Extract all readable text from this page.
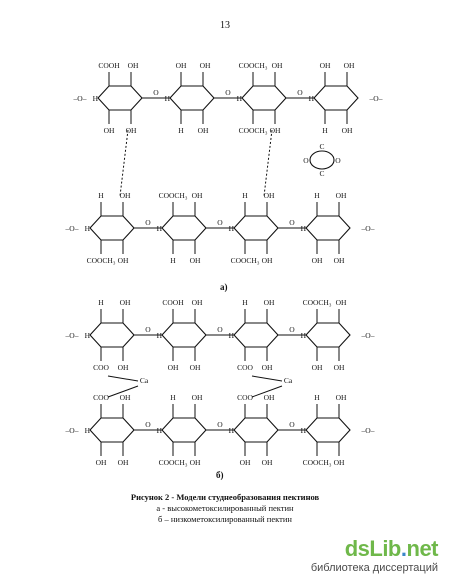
13
–O–	–O–
COOH OH
OH OH
H
O
OH OH
H OH
H
O
COOCH₃ OH
COOCH₃ OH
H
O
OH OH
H OH
H
–O–	–O–
H OH
COOCH₃ OH
H
O
COOCH₃ OH
H OH
H
O
H OH
COOCH₃ OH
H
O
H OH
OH OH
H
C
C
O	O
–O–	–O–
H OH
COO OH
H
O
COOH OH
OH OH
H
O
H OH
COO OH
H
O
COOCH₃ OH
OH OH
H
–O–	–O–
COO OH
OH OH
H
O
H OH
COOCH₃ OH
H
O
COO OH
OH OH
H
O
H OH
COOCH₃ OH
H
Ca	Ca
а)
б)
Рисунок 2 - Модели студнеобразования пектинов
а - высокометоксилированный пектин
б – низкометоксилированный пектин
dsLib.net
библиотека диссертаций
